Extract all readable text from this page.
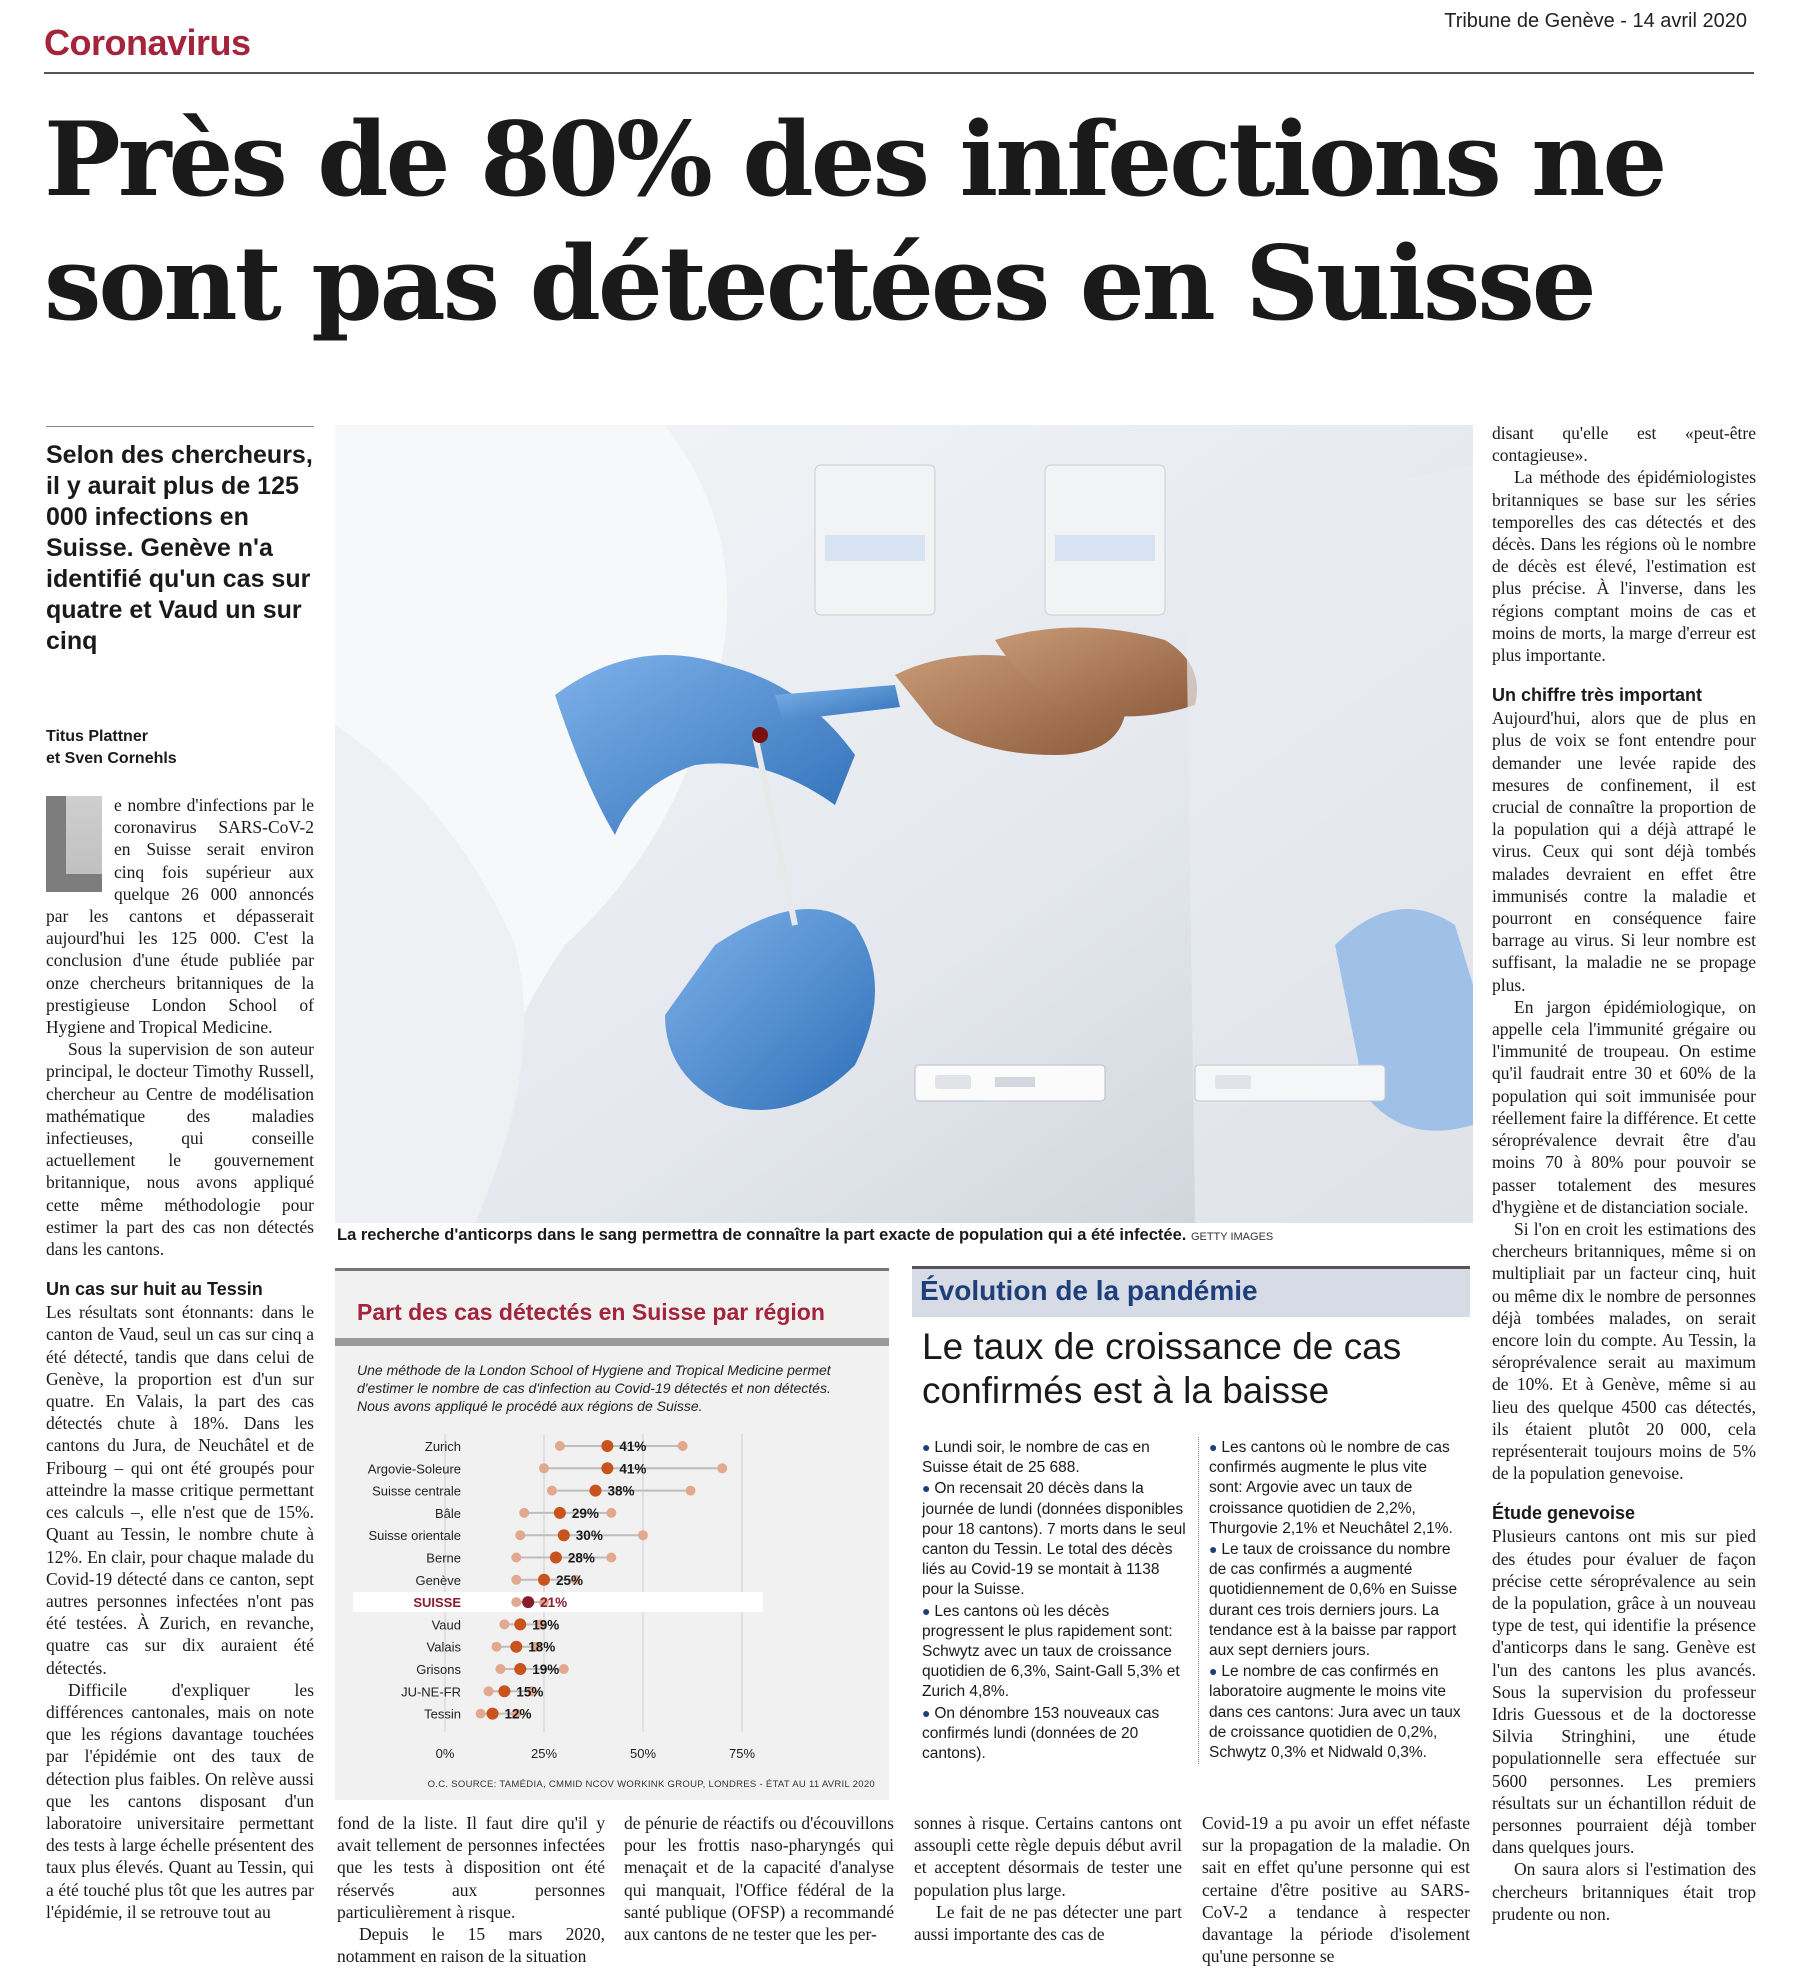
Coronavirus
Tribune de Genève - 14 avril 2020
Près de 80% des infections ne
sont pas détectées en Suisse
Selon des chercheurs, il y aurait plus de 125 000 infections en Suisse. Genève n'a identifié qu'un cas sur quatre et Vaud un sur cinq
Titus Plattner
et Sven Cornehls

e nombre d'infections par le coronavirus SARS-CoV-2 en Suisse serait environ cinq fois supérieur aux quelque 26 000 annoncés par les cantons et dépasserait aujourd'hui les 125 000. C'est la conclusion d'une étude publiée par onze chercheurs britanniques de la prestigieuse London School of Hygiene and Tropical Medicine.

Sous la supervision de son auteur principal, le docteur Timothy Russell, chercheur au Centre de modélisation mathématique des maladies infectieuses, qui conseille actuellement le gouvernement britannique, nous avons appliqué cette même méthodologie pour estimer la part des cas non détectés dans les cantons.

Un cas sur huit au Tessin

Les résultats sont étonnants: dans le canton de Vaud, seul un cas sur cinq a été détecté, tandis que dans celui de Genève, la proportion est d'un sur quatre. En Valais, la part des cas détectés chute à 18%. Dans les cantons du Jura, de Neuchâtel et de Fribourg – qui ont été groupés pour atteindre la masse critique permettant ces calculs –, elle n'est que de 15%. Quant au Tessin, le nombre chute à 12%. En clair, pour chaque malade du Covid-19 détecté dans ce canton, sept autres personnes infectées n'ont pas été testées. À Zurich, en revanche, quatre cas sur dix auraient été détectés.

Difficile d'expliquer les différences cantonales, mais on note que les régions davantage touchées par l'épidémie ont des taux de détection plus faibles. On relève aussi que les cantons disposant d'un laboratoire universitaire permettant des tests à large échelle présentent des taux plus élevés. Quant au Tessin, qui a été touché plus tôt que les autres par l'épidémie, il se retrouve tout au

La recherche d'anticorps dans le sang permettra de connaître la part exacte de population qui a été infectée. GETTY IMAGES
Part des cas détectés en Suisse par région
Une méthode de la London School of Hygiene and Tropical Medicine permet d'estimer le nombre de cas d'infection au Covid-19 détectés et non détectés. Nous avons appliqué le procédé aux régions de Suisse.
0%	25%	50%	75%
Zurich	41%
Argovie-Soleure	41%
Suisse centrale	38%
Bâle	29%
Suisse orientale	30%
Berne	28%
Genève	25%
SUISSE	21%
Vaud	19%
Valais	18%
Grisons	19%
JU-NE-FR	15%
Tessin	12%
O.C. SOURCE: TAMÉDIA, CMMID NCOV WORKINK GROUP, LONDRES - ÉTAT AU 11 AVRIL 2020
Évolution de la pandémie
Le taux de croissance de cas confirmés est à la baisse
● Lundi soir, le nombre de cas en Suisse était de 25 688.
● On recensait 20 décès dans la journée de lundi (données disponibles pour 18 cantons). 7 morts dans le seul canton du Tessin. Le total des décès liés au Covid-19 se montait à 1138 pour la Suisse.
● Les cantons où les décès progressent le plus rapidement sont: Schwytz avec un taux de croissance quotidien de 6,3%, Saint-Gall 5,3% et Zurich 4,8%.
● On dénombre 153 nouveaux cas confirmés lundi (données de 20 cantons).
● Les cantons où le nombre de cas confirmés augmente le plus vite sont: Argovie avec un taux de croissance quotidien de 2,2%, Thurgovie 2,1% et Neuchâtel 2,1%.
● Le taux de croissance du nombre de cas confirmés a augmenté quotidiennement de 0,6% en Suisse durant ces trois derniers jours. La tendance est à la baisse par rapport aux sept derniers jours.
● Le nombre de cas confirmés en laboratoire augmente le moins vite dans ces cantons: Jura avec un taux de croissance quotidien de 0,2%, Schwytz 0,3% et Nidwald 0,3%.

disant qu'elle est «peut-être contagieuse».

La méthode des épidémiologistes britanniques se base sur les séries temporelles des cas détectés et des décès. Dans les régions où le nombre de décès est élevé, l'estimation est plus précise. À l'inverse, dans les régions comptant moins de cas et moins de morts, la marge d'erreur est plus importante.

Un chiffre très important

Aujourd'hui, alors que de plus en plus de voix se font entendre pour demander une levée rapide des mesures de confinement, il est crucial de connaître la proportion de la population qui a déjà attrapé le virus. Ceux qui sont déjà tombés malades devraient en effet être immunisés contre la maladie et pourront en conséquence faire barrage au virus. Si leur nombre est suffisant, la maladie ne se propage plus.

En jargon épidémiologique, on appelle cela l'immunité grégaire ou l'immunité de troupeau. On estime qu'il faudrait entre 30 et 60% de la population qui soit immunisée pour réellement faire la différence. Et cette séroprévalence devrait être d'au moins 70 à 80% pour pouvoir se passer totalement des mesures d'hygiène et de distanciation sociale.

Si l'on en croit les estimations des chercheurs britanniques, même si on multipliait par un facteur cinq, huit ou même dix le nombre de personnes déjà tombées malades, on serait encore loin du compte. Au Tessin, la séroprévalence serait au maximum de 10%. Et à Genève, même si au lieu des quelque 4500 cas détectés, ils étaient plutôt 20 000, cela représenterait toujours moins de 5% de la population genevoise.

Étude genevoise

Plusieurs cantons ont mis sur pied des études pour évaluer de façon précise cette séroprévalence au sein de la population, grâce à un nouveau type de test, qui identifie la présence d'anticorps dans le sang. Genève est l'un des cantons les plus avancés. Sous la supervision du professeur Idris Guessous et de la doctoresse Silvia Stringhini, une étude populationnelle sera effectuée sur 5600 personnes. Les premiers résultats sur un échantillon réduit de personnes pourraient déjà tomber dans quelques jours.

On saura alors si l'estimation des chercheurs britanniques était trop prudente ou non.

fond de la liste. Il faut dire qu'il y avait tellement de personnes infectées que les tests à disposition ont été réservés aux personnes particulièrement à risque.

Depuis le 15 mars 2020, notamment en raison de la situation

de pénurie de réactifs ou d'écouvillons pour les frottis naso-pharyngés qui menaçait et de la capacité d'analyse qui manquait, l'Office fédéral de la santé publique (OFSP) a recommandé aux cantons de ne tester que les per-

sonnes à risque. Certains cantons ont assoupli cette règle depuis début avril et acceptent désormais de tester une population plus large.

Le fait de ne pas détecter une part aussi importante des cas de

Covid-19 a pu avoir un effet néfaste sur la propagation de la maladie. On sait en effet qu'une personne qui est certaine d'être positive au SARS-CoV-2 a tendance à respecter davantage la période d'isolement qu'une personne se
